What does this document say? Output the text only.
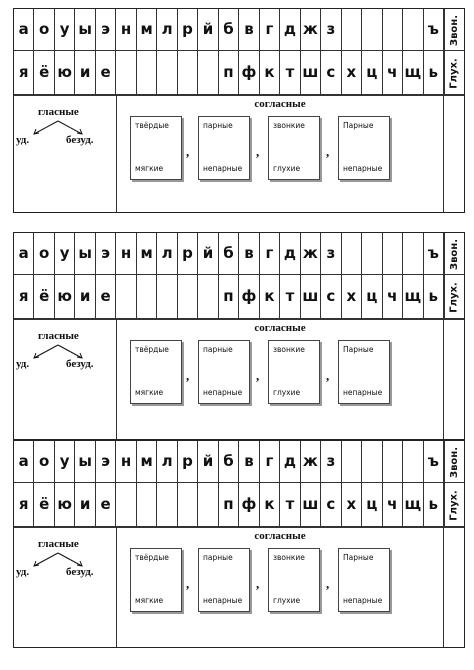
а о у ы э н м л р й б в г д ж з	ъ
я ё ю и е	п ф к т ш с х ц ч щ ь
Звон.
Глух.
гласные
уд.	безуд.
согласные
твёрдые
мягкие
парные
непарные
звонкие
глухие
Парные
непарные
,	,	,
а о у ы э н м л р й б в г д ж з	ъ
я ё ю и е	п ф к т ш с х ц ч щ ь
Звон.
Глух.
гласные
уд.	безуд.
согласные
твёрдые
мягкие
парные
непарные
звонкие
глухие
Парные
непарные
,	,	,
а о у ы э н м л р й б в г д ж з	ъ
я ё ю и е	п ф к т ш с х ц ч щ ь
Звон.
Глух.
гласные
уд.	безуд.
согласные
твёрдые
мягкие
парные
непарные
звонкие
глухие
Парные
непарные
,	,	,
